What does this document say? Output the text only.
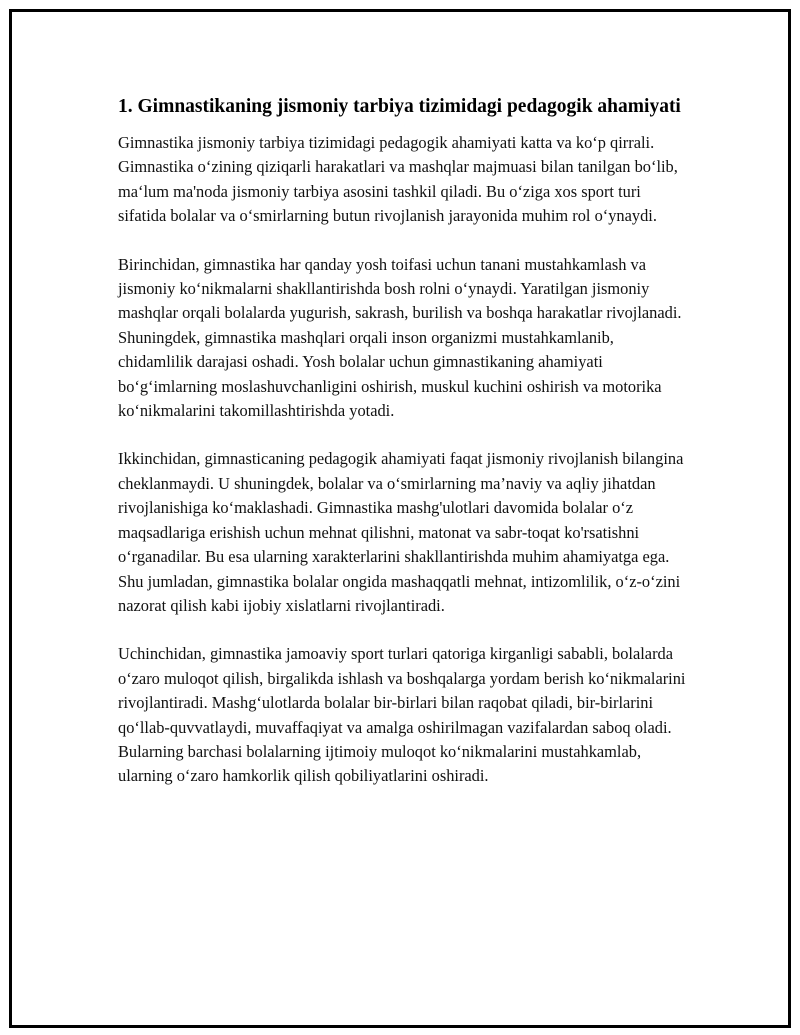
1. Gimnastikaning jismoniy tarbiya tizimidagi pedagogik ahamiyati

Gimnastika jismoniy tarbiya tizimidagi pedagogik ahamiyati katta va ko‘p qirrali. Gimnastika o‘zining qiziqarli harakatlari va mashqlar majmuasi bilan tanilgan bo‘lib, ma‘lum ma'noda jismoniy tarbiya asosini tashkil qiladi. Bu o‘ziga xos sport turi sifatida bolalar va o‘smirlarning butun rivojlanish jarayonida muhim rol o‘ynaydi.

Birinchidan, gimnastika har qanday yosh toifasi uchun tanani mustahkamlash va jismoniy ko‘nikmalarni shakllantirishda bosh rolni o‘ynaydi. Yaratilgan jismoniy mashqlar orqali bolalarda yugurish, sakrash, burilish va boshqa harakatlar rivojlanadi. Shuningdek, gimnastika mashqlari orqali inson organizmi mustahkamlanib, chidamlilik darajasi oshadi. Yosh bolalar uchun gimnastikaning ahamiyati bo‘g‘imlarning moslashuvchanligini oshirish, muskul kuchini oshirish va motorika ko‘nikmalarini takomillashtirishda yotadi.

Ikkinchidan, gimnasticaning pedagogik ahamiyati faqat jismoniy rivojlanish bilangina cheklanmaydi. U shuningdek, bolalar va o‘smirlarning ma’naviy va aqliy jihatdan rivojlanishiga ko‘maklashadi. Gimnastika mashg'ulotlari davomida bolalar o‘z maqsadlariga erishish uchun mehnat qilishni, matonat va sabr-toqat ko'rsatishni o‘rganadilar. Bu esa ularning xarakterlarini shakllantirishda muhim ahamiyatga ega. Shu jumladan, gimnastika bolalar ongida mashaqqatli mehnat, intizomlilik, o‘z-o‘zini nazorat qilish kabi ijobiy xislatlarni rivojlantiradi.

Uchinchidan, gimnastika jamoaviy sport turlari qatoriga kirganligi sababli, bolalarda o‘zaro muloqot qilish, birgalikda ishlash va boshqalarga yordam berish ko‘nikmalarini rivojlantiradi. Mashg‘ulotlarda bolalar bir-birlari bilan raqobat qiladi, bir-birlarini qo‘llab-quvvatlaydi, muvaffaqiyat va amalga oshirilmagan vazifalardan saboq oladi. Bularning barchasi bolalarning ijtimoiy muloqot ko‘nikmalarini mustahkamlab, ularning o‘zaro hamkorlik qilish qobiliyatlarini oshiradi.
